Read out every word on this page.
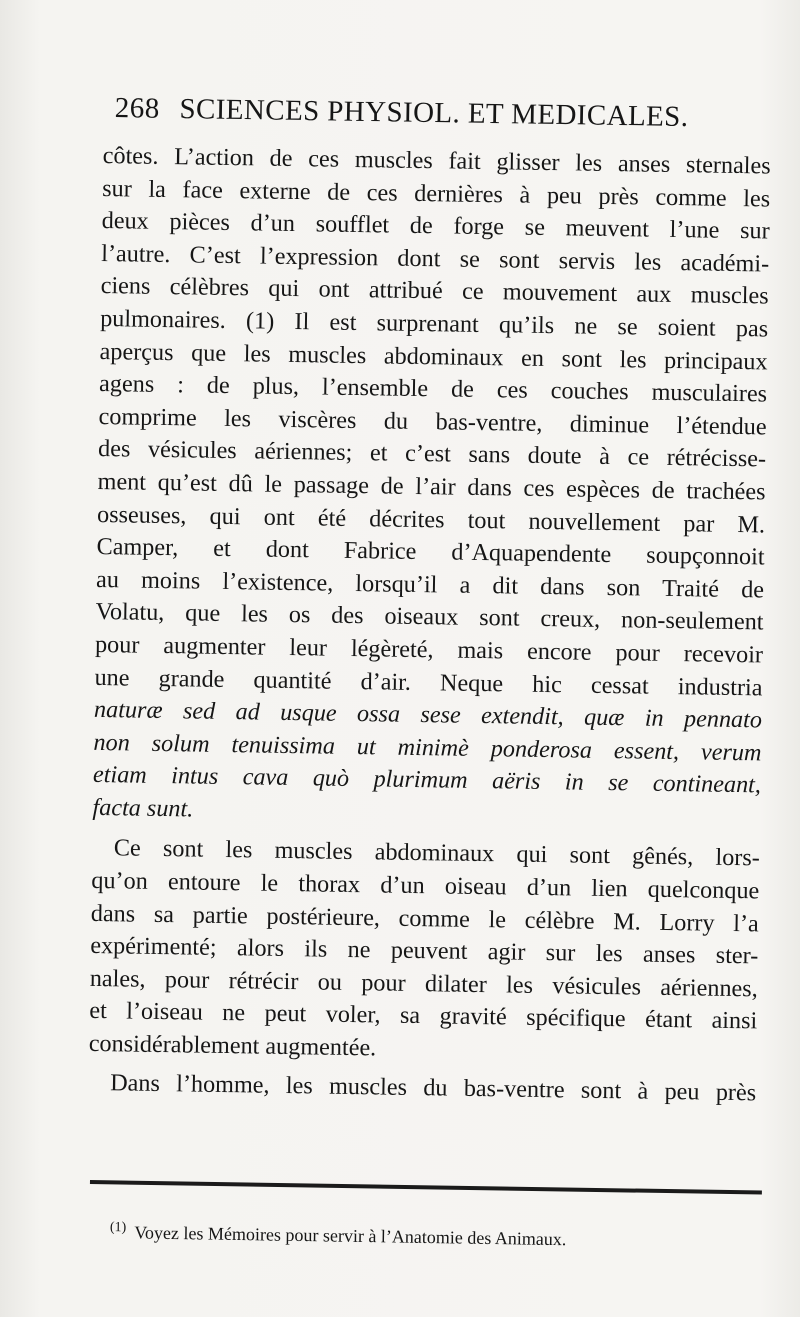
268 SCIENCES PHYSIOL. ET MEDICALES.
côtes. L’action de ces muscles fait glisser les anses sternales
sur la face externe de ces dernières à peu près comme les
deux pièces d’un soufflet de forge se meuvent l’une sur
l’autre. C’est l’expression dont se sont servis les académi-
ciens célèbres qui ont attribué ce mouvement aux muscles
pulmonaires. (1) Il est surprenant qu’ils ne se soient pas
aperçus que les muscles abdominaux en sont les principaux
agens : de plus, l’ensemble de ces couches musculaires
comprime les viscères du bas-ventre, diminue l’étendue
des vésicules aériennes; et c’est sans doute à ce rétrécisse-
ment qu’est dû le passage de l’air dans ces espèces de trachées
osseuses, qui ont été décrites tout nouvellement par M.
Camper, et dont Fabrice d’Aquapendente soupçonnoit
au moins l’existence, lorsqu’il a dit dans son Traité de
Volatu, que les os des oiseaux sont creux, non-seulement
pour augmenter leur légèreté, mais encore pour recevoir
une grande quantité d’air. Neque hic cessat industria
naturæ sed ad usque ossa sese extendit, quæ in pennato
non solum tenuissima ut minimè ponderosa essent, verum
etiam intus cava quò plurimum aëris in se contineant,
facta sunt.
Ce sont les muscles abdominaux qui sont gênés, lors-
qu’on entoure le thorax d’un oiseau d’un lien quelconque
dans sa partie postérieure, comme le célèbre M. Lorry l’a
expérimenté; alors ils ne peuvent agir sur les anses ster-
nales, pour rétrécir ou pour dilater les vésicules aériennes,
et l’oiseau ne peut voler, sa gravité spécifique étant ainsi
considérablement augmentée.
Dans l’homme, les muscles du bas-ventre sont à peu près
$^{(1)}$ Voyez les Mémoires pour servir à l’Anatomie des Animaux.
